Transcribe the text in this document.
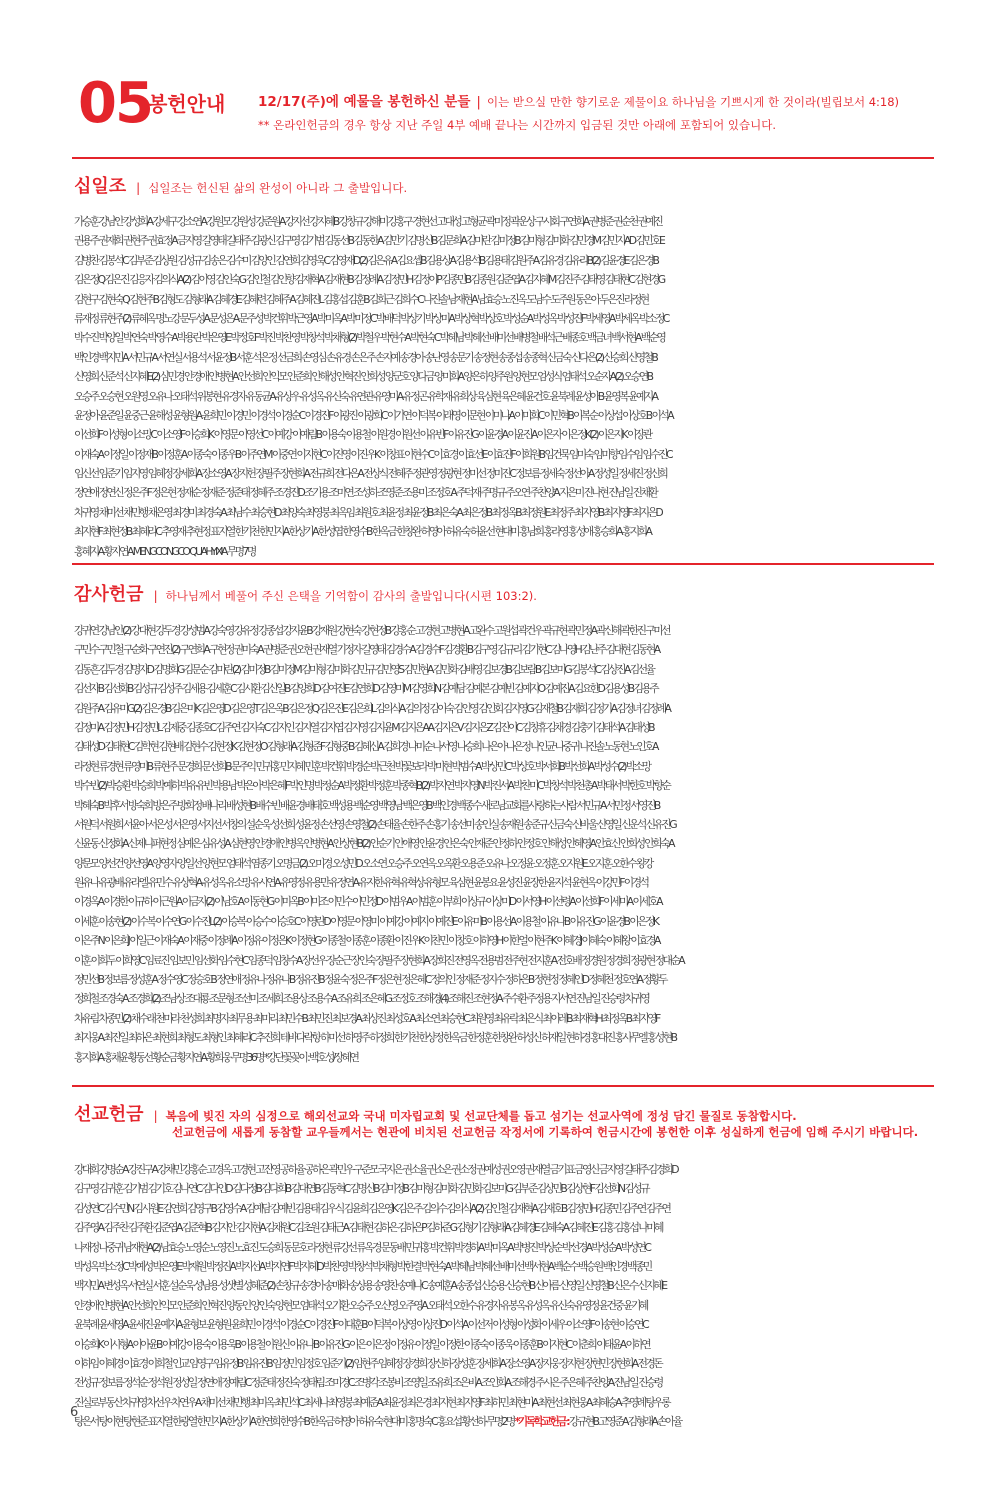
05
봉헌안내 12/17(주)에 예물을 봉헌하신 분들 | 이는 받으실 만한 향기로운 제물이요 하나님을 기쁘시게 한 것이라(빌립보서 4:18)
** 온라인헌금의 경우 항상 지난 주일 4부 예배 끝나는 시간까지 입금된 것만 아래에 포함되어 있습니다.
십일조 | 십일조는 헌신된 삶의 완성이 아니라 그 출발입니다.
가승훈 강남안 강성희A 강세구 강소연A 강원모 강원성 강준원A 강지선 강지혜B 강창규 강해미 강홍구 경현선 고대성 고형균 곽미정 곽운상 구시회 구연희A 권병준 권순천 권예진
권용주 권재희 권현주 권효정A 금지영 길영태 길태주 김광신 김구영 김기범 김동선B 김동한A 김만기 김명신B 김문희A 김미란 김미정B 김미형 김미화 김민경M 김민지AD 김민호E
김병찬 김봉석C 김부준 김상원 김성규 김송은 김수미 김양인 김연희 김영욱C 김영재D(2) 김은유A 김요셉B 김용상A 김용석B 김용태 김원주A 김유경 김유리B(2) 김윤경E 김은경B
김은정Q 김은진 김응자 김의식A(2) 김이영 김인숙G 김인철 김인향 김재혁A 김재현B 김정례A 김정민H 김정이P 김종민B 김종원 김준엽A 김지혜M 김진주 김태영 김태현C 김현경G
김현구 김현숙Q 김현주B 김형도 김형래A 김혜경E 김혜련 김혜주A 김혜진L 김홍섭 김훈B 김희근 김희수C 나진솔 남재현A 남효승 노진옥 도남수 도주원 동은아 두은진 라정현
류재정 류현주(2) 류혜옥 명노강 문두성A 문성은A 문주성 박건휘 박근영A 박미옥A 박미정C 박배덕 박상기 박상미A 박상혁 박상호 박성순A 박성옥 박성진F 박세영A 박세옥 박소정C
박수진 박양일 박연숙 박영수A 박용란 박은영E 박정호F 박진 박찬영 박창석 박채형(2) 박철우 박현수A 박현숙C 박혜남 박혜선 배미선 배병철 배석근 배종호 백금녀 백서현A 백순영
백인경 백지민A 서민규A 서연실 서용석 서윤정B 서훈 석은정 선금희 손영심 손유경 손은주 손지예 송경아 송난영 송문기 송정현 송종섭 송종혁 신금숙 신다은(2) 신승희 신영철B
신영희 신준석 신지혜E(2) 심민경 안경애 안병현A 안선희 안익모 안준희 안해성 안혁진 안희성 양군호 양다금 양미희A 양은하 양주원 양현모 엄성식 엄태석 오순자A(2) 오승연B
오승주 오승현 오원영 오유나 오태석 위봉현 유경자 유동균A 유상우 유성옥 유신숙 유연관 유영미A 유정곤 유학재 유희상 육심현 육은혜 윤건호 윤북례 윤성아B 윤영복 윤예지A
윤정아 윤준일 윤중근 윤해성 윤형원A 윤희민 이경민 이경석 이경순C 이경진F 이광진 이광희C 이기연 이덕복 이래영 이문현 이미나A 이미희C 이민혁B 이복순 이상섭 이상호B 이석A
이선희F 이성형 이소망C 이소영F 이승희K 이영문 이영선C 이예강 이예림B 이용숙 이용철 이원경 이원선 이유빈F 이유진G 이윤경A 이윤진A 이은자 이은정K(2) 이은지K 이장관
이재숙A 이정일 이정재B 이정훈A 이종숙 이종우B 이주연M 이중연 이지현C 이진영 이진우K 이창표 이현수C 이효경 이효선E 이효진F 이희원B 임건묵 임미숙 임미향 임수임 임수진C
임신선 임준기 임지영 임혜정 장세희A 장소영A 장지헌 장필주 장현희A 전규희 전다은A 전상식 전혜주 정관영 정광현 정미선 정미진C 정보름 정세숙 정선아A 정성일 정세진 정신희
정연애 정연신 정은주F 정은현 정재순 정재준 정준태 정혜주 조경진D 조기용 조미연 조성하 조영준 조용미 조정호A 주덕재 주명규 주오연 주찬양A 지은미 진나현 진남일 진채환
차귀영 채미선 채민행 채은영 최경미 최경숙A 최남수 최승현D 최양숙 최영붕 최옥임 최원호 최윤정 최윤정B 최은숙A 최은정B 최정옥B 최정원E 최정주 최지영B 최지영F 최지은D
최지현F 최현정B 최혜리C 추영재 추현정 표지열 한기천 한민지A 한상기A 한성엽 한영수B 한옥금 한창완 허영아 허유숙 허윤선 현대미 홍남희 홍라영 홍성애 홍승희A 홍지희A
홍혜지A 황지연A MENGCONGCO QUAHYIXIA 무명7명
감사헌금 | 하나님께서 베풀어 주신 은택을 기억함이 감사의 출발입니다(시편 103:2).
강귀연 강남안(2) 강대현 강두경 강성범A 강숙영 강유정 강종섭 강지윤B 강재원 강현숙 강현정B 강홍순 고경현 고병현A 고완수 고원섭 곽건우 곽규현 곽민정A 곽신해 곽한진 구미선
구민수 구민철 구순화 구연진(2) 구연희A 구현정 권미숙A 권병준 권오현 권재열 기정자 길영태 김경수A 김경수F 김경환B 김구영 김규리 김기현C 김나영H 김난주 김대현 김동현A
김동흔 김두경 김명자D 김명희G 김문순 김미란(2) 김미정B 김미정M 김미형 김미화 김민규 김민영S 김민현A 김민화 김배영 김보경B 김보람B 김보미G 김봉석C 김상진A 김선율
김선자B 김선화B 김성규 김성주 김세용 김세훈C 김시환 김신일B 김양희D 김여진E 김연희D 김영미M 김영희N 김예담 김예본 김예빈 김예지O 김예진A 김요한D 김용성B 김용주
김원주A 김유미G(2) 김은경B 김은미K 김은영D 김은영T 김은옥B 김은정Q 김은진E 김은희L 김의식A 김의정 김이숙 김인영 김인회 김지영G 김재철B 김재희 김정기A 김정녀 김정례A
김정미A 김정민H 김정민L 김제중 김종호C 김주연 김지숙C 김지인 김지열 김지엽 김지영 김지윤M 김지은AA 김지은V 김지은Z 김진이C 김창휴 김채경 김충기 김태석A 김태성B
김태성D 김태현C 김학현 김현배 김현수 김현정K 김현정O 김형래A 김형준F 김형중B 김혜신A 김희경 나미순 나서영 나승희 나은아 나은정 나인균 나중귀 나진솔 노동현 노인호A
라정현 류경현 류영미B 류현주 문경희 문선희B 문주익 민귀홍 민지혜 민훈 박건휘 박경순 박근천 박꽃보라 박미현 박범수A 박상민C 박상호 박서희B 박선희A 박성수(2) 박소망
박수빈(2) 박승환 박승희 박예하 박유유빈 박용남 박은아 박은혜F 박인명 박정순A 박정환 박정훈 박종혁B(2) 박지연 박지영N 박진서A 박찬미C 박창석 박천총A 박태서 박한호 박향순
박혜숙B 박후서 방숙희 방은주 방희정 배나리 배성현B 배수빈 배윤경 배태호 백성용 백순영 백영남 백은영B 백인경 백종수 새로남교회를사랑하는사람 서민규A 서민정 서영진B
서원덕 서원희 서윤아 서은성 서은영 서지선 서창의 설순욱 성선희 성윤정 손선영 손영철(2) 손태율 손한주 손홍기 송선미 송인실 송재원 송준규 신금숙 신바울 신영일 신운석 신유진G
신윤동 신정화A 신제니퍼현정 심예은 심유성A 심현영 안경애 안병옥 안병현A 안상현B(2) 안순기 안애영 안윤경 안은숙 안재준 안정하 안정호 안해성 안혜영A 안효신 안희성 안희숙A
양문모 양선건 양선영A 양영자 양일선 양현모 엄태석 염종기 오명금(2) 오미경 오성민D 오소연 오승주 오연옥 오옥환 오용준 오유나 오정윤 오정훈 오지원E 오지훈 오한수 왕강
원유나 유광배 유라엘 유민수 유상혁A 유성옥 유소망 유시연A 유영정 유용만 유정연A 유지한 유혁 유혁상 유형모 육심현 윤봉요 윤성진 윤장한 윤지석 윤현옥 이강민F 이경석
이경옥A 이경한 이규하 이근원A 이금자(2) 이남호A 이동현G 이미옥B 이미조 이민수 이민정D 이범우A 이범훈 이부희 이상규 이상미D 이서영H 이선령A 이선희F 이세미A 이세호A
이세훈 이송현(2) 이수복 이수연G 이수진L(2) 이승복 이승수 이승호C 이영란D 이영문 이영미 이예강 이예지 이예진E 이유미B 이용선A 이용철 이유나B 이유진G 이윤경B 이은정K
이은주N 이은희J 이일근 이재숙A 이재중 이정례A 이정유 이정은K 이정현G 이종철 이종훈 이종환 이진우K 이찬민 이창호 이하영H 이한얼 이현주K 이혜경J 이혜숙 이혜왕 이효경A
이훈 이희두 이희영C 임료진 임보민 임선화 임수현C 임종덕 임창수A 장선우 장순근 장인숙 장필주 장현희A 장희진 전영옥 전용범 전주현 전지훈A 전호배 정경원 정경희 정광현 정대순A
정민선B 정보름 정성훈A 정수영C 정승호B 정연애 정유나 정유나B 정유진B 정윤숙 정은주F 정은현 정은혜C 정의인 정재준 정지수 정하은B 정현정 정혜인D 정혜천 정호연A 정황두
정희철 조경숙A 조경희(2) 조남상 조대룡 조문형 조선미 조세희 조용상 조용수A 조유희 조은혜G 조정호 조해경(4) 조해진 조현정A 주수환 주정용 지서연 진남일 진승령 차귀영
차유림 차종민(2) 채수래 천미라 천성희 최명자 최무용 최미리 최민수B 최민진 최보경A 최상진 최성호A 최소연 최승현C 최원영 최유락 최은식 최이레B 최재혁H 최정옥B 최지영F
최지웅A 최진일 최하은 최현희 최형도 최형인 최혜리C 추진희 테바다락항 하미선 하영주 하정희 한기천 한상정 한옥금 한정훈 한창완 허성신 허재일 현하경 홍대진 홍사무엘 홍성현B
홍지희A 홍채윤 황동선 황순금 황지연A 황희웅 무명36명 *강단꽃꽂이 : 백호성/장혜연
선교헌금 | 복음에 빚진 자의 심정으로 해외선교와 국내 미자립교회 및 선교단체를 돕고 섬기는 선교사역에 정성 담긴 물질로 동참합시다.
선교헌금에 새롭게 동참할 교우들께서는 현관에 비치된 선교헌금 작정서에 기록하여 헌금시간에 봉헌한 이후 성실하게 헌금에 임해 주시기 바랍니다.
강대희 강명순A 강진구A 강채민 강홍순 고경옥 고경현 고진영 공하율 공하은 곽민우 구준모 국지은 권소율 권소은 권소정 권예성 권오영 권재열 금기표 금영신 금지영 길태주 김경희D
김구영 김귀훈 김기범 김기호 김나연C 김다인D 김다정B 김다희B 김대연B 김동혁C 김명신B 김미정B 김미형 김미화 김민화 김보미G 김부준 김상민B 김상현F 김선희N 김성규
김성연C 김수민N 김시원E 김연희 김영구B 김영수A 김예담 김예빈 김용태 김우식 김윤희 김은영K 김은주 김의수 김의식A(2) 김인철 김재혁A 김재호B 김정민H 김종민 김주연 김주연
김주영A 김주찬 김주환 김준엽A 김준혁B 김지안 김지현A 김채원C 김초원 김태근A 김태현 김하은 김하은P 김하준G 김형기 김형래A 김혜경E 김혜숙A 김혜진E 김홍 김홍섭 나미혜
나재정 나중귀 남재현A(2) 남효승 노영순 노영진 노효진 도승희 동문호 라정현 류강선 류옥경 문동배 민귀홍 박건휘 박경하A 박미옥A 박병진 박상순 박선경A 박성순A 박성연C
박성옥 박소정C 박예성 박은영E 박재원 박정진A 박지선A 박지연F 박지헤D 박찬영 박창석 박채형 박한결 박현숙A 박혜남 박혜선 배미선 백서현A 백순수 백승원 백인경 백종민
백지민A 변성옥 서연실 서훈 설순욱 성남용 성샛별 성혜준(2) 손창규 송경아 송매화 송상용 송영찬 송예나C 송예훈A 송종섭 신승용 신승현B 신아름 신영일 신영철B 신은수 신지혜E
안경애 안병현A 안선희 안익모 안준희 안혁진 양동인 양인숙 양현모 엄태석 오기환 오승주 오신영 오주영A 오태석 오한수 유경자 유봉옥 유성옥 유신숙 유영정 윤건중 윤기혜
윤북례 윤세영A 윤세진 윤예지A 윤형보 윤형원 윤희민 이경석 이경순C 이경진F 이대훈B 이덕복 이상영 이상진D 이석A 이선저 이성형 이성화 이세우 이소영F 이송현 이승연C
이승희K 이시형A 이아윤B 이예강 이용숙 이용욱B 이용철 이원신 이유나B 이유진G 이은 이은정 이정유 이정일 이정한 이종숙 이종욱 이종훈B 이지현C 이춘희 이태윤A 이하연
이하임 이혜경 이효경 이희철 인교 임영구 임유정B 임유진B 임정민 임정호 임준기(2) 임현주 임혜정 장경희 장신하 장성훈 장세희A 장소영A 장지웅 장지현 장현민 장현희A 전경돈
전성규 정보름 정석순 정석원 정성일 정연애 정예림C 정준태 정진숙 정태림 조미경C 조병각 조봉비 조영일 조유희 조은비A 조인희A 조해경 주시은 주은혜 주찬양A 진남일 진승령
진실로부동산 차귀영 차선우 차연우A 채미선 채민행 최미옥 최민석C 최세나 최영붕 최예준A 최윤정 최은경 최지현 최지영F 최하민 최현미A 최현선 최현웅A 최혜승A 추영례 탕우롱
탕은서 탕이현 탕현준 표지열 한광열 한민지A 한상기A 한연희 한영수B 한옥금 허영아 허유숙 현대미 홍명숙C 홍요섭 황선하 무명2명 *기독학교헌금 : 강규현B 고영준A 김형래A 손아율
6
